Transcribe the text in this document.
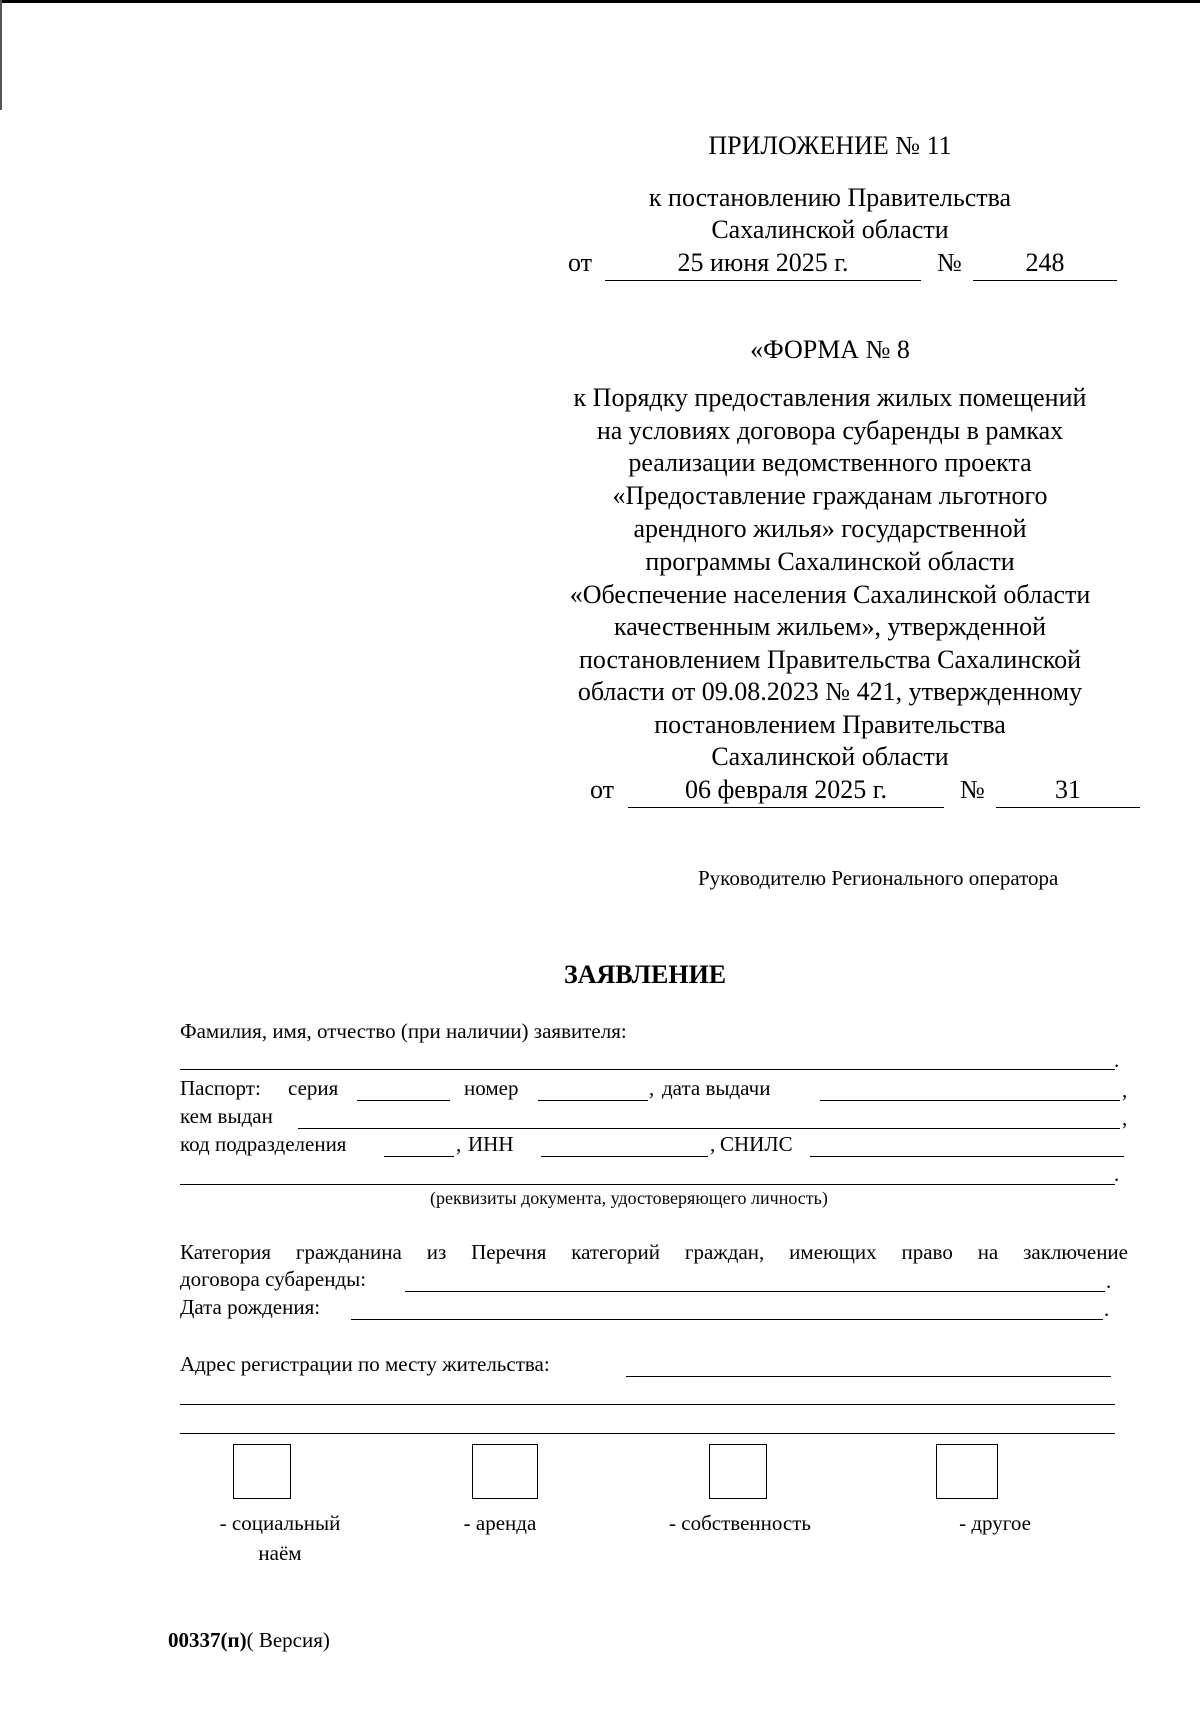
ПРИЛОЖЕНИЕ № 11
к постановлению Правительства
Сахалинской области
от	25 июня 2025 г.	№	248
«ФОРМА № 8
к Порядку предоставления жилых помещений
на условиях договора субаренды в рамках
реализации ведомственного проекта
«Предоставление гражданам льготного
арендного жилья» государственной
программы Сахалинской области
«Обеспечение населения Сахалинской области
качественным жильем», утвержденной
постановлением Правительства Сахалинской
области от 09.08.2023 № 421, утвержденному
постановлением Правительства
Сахалинской области
от	06 февраля 2025 г.	№	31
Руководителю Регионального оператора
ЗАЯВЛЕНИЕ
Фамилия, имя, отчество (при наличии) заявителя:
.
Паспорт: серия	номер	, дата выдачи	,
кем выдан	,
код подразделения	, ИНН	, СНИЛС
.
(реквизиты документа, удостоверяющего личность)
Категория гражданина из Перечня категорий граждан, имеющих право на заключение
договора субаренды:	.
Дата рождения:	.
Адрес регистрации по месту жительства:
- социальный
наём
- аренда	- собственность	- другое
00337(п)( Версия)
